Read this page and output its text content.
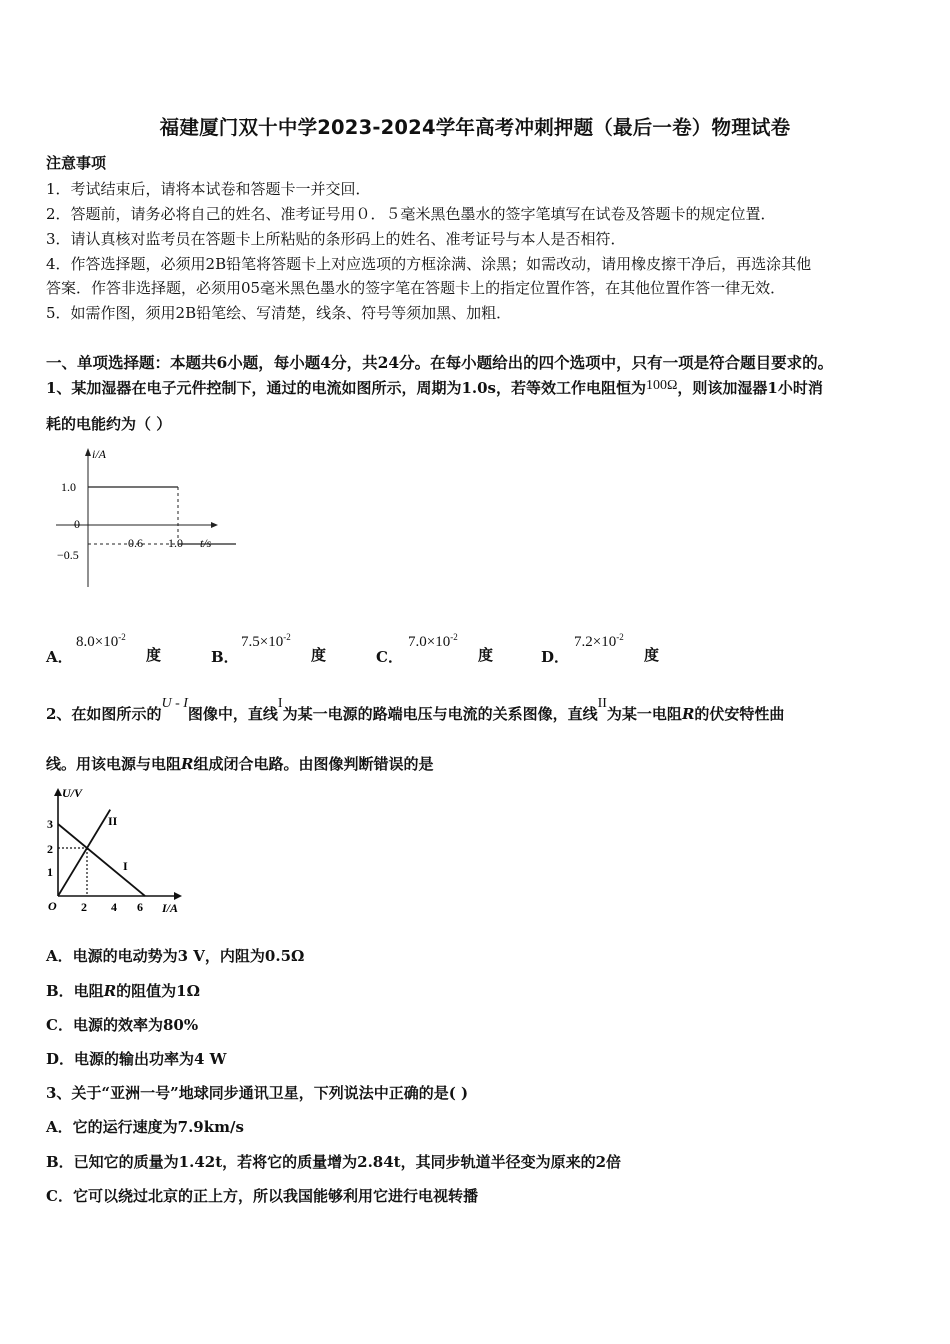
福建厦门双十中学2023-2024学年高考冲刺押题（最后一卷）物理试卷
注意事项
1．考试结束后，请将本试卷和答题卡一并交回．
2．答题前，请务必将自己的姓名、准考证号用０．５毫米黑色墨水的签字笔填写在试卷及答题卡的规定位置．
3．请认真核对监考员在答题卡上所粘贴的条形码上的姓名、准考证号与本人是否相符．
4．作答选择题，必须用2B铅笔将答题卡上对应选项的方框涂满、涂黑；如需改动，请用橡皮擦干净后，再选涂其他
答案．作答非选择题，必须用05毫米黑色墨水的签字笔在答题卡上的指定位置作答，在其他位置作答一律无效．
5．如需作图，须用2B铅笔绘、写清楚，线条、符号等须加黑、加粗．
一、单项选择题：本题共6小题，每小题4分，共24分。在每小题给出的四个选项中，只有一项是符合题目要求的。
1、某加湿器在电子元件控制下，通过的电流如图所示，周期为1.0s，若等效工作电阻恒为100Ω，则该加湿器1小时消
耗的电能约为（ ）
i/A
t/s
1.0
0
−0.5
0.6 1.0
A．
$8.0\times 10^{-2}$
度	B．
$7.5\times 10^{-2}$
度	C．
$7.0\times 10^{-2}$
度	D．
$7.2\times 10^{-2}$
度
2、在如图所示的U - I图像中，直线I为某一电源的路端电压与电流的关系图像，直线II为某一电阻R的伏安特性曲
线。用该电源与电阻R组成闭合电路。由图像判断错误的是
U/V
I/A
O
3
2
1
2 4 6
II
I
A．电源的电动势为3 V，内阻为0.5Ω
B．电阻R的阻值为1Ω
C．电源的效率为80%
D．电源的输出功率为4 W
3、关于“亚洲一号”地球同步通讯卫星，下列说法中正确的是( )
A．它的运行速度为7.9km/s
B．已知它的质量为1.42t，若将它的质量增为2.84t，其同步轨道半径变为原来的2倍
C．它可以绕过北京的正上方，所以我国能够利用它进行电视转播
